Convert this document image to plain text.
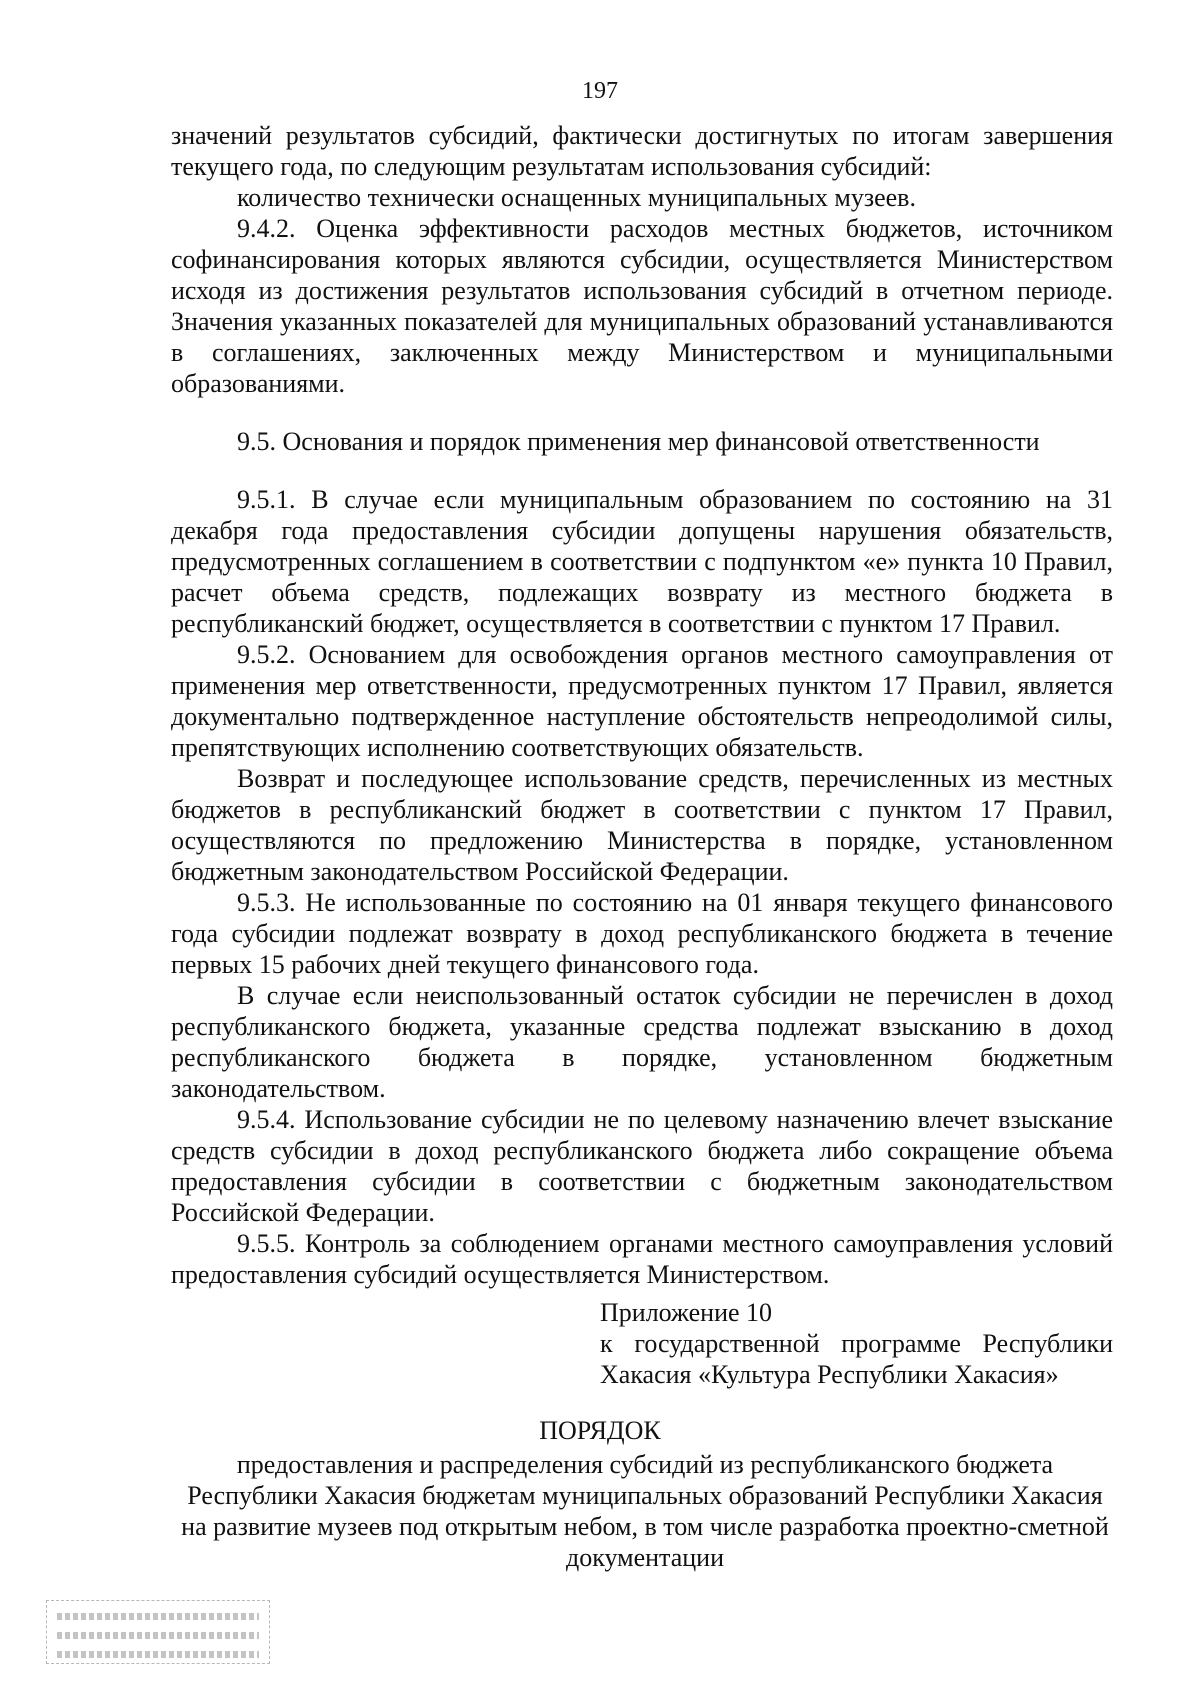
197

значений результатов субсидий, фактически достигнутых по итогам завершения текущего года, по следующим результатам использования субсидий:

количество технически оснащенных муниципальных музеев.

9.4.2. Оценка эффективности расходов местных бюджетов, источником софинансирования которых являются субсидии, осуществляется Министерством исходя из достижения результатов использования субсидий в отчетном периоде. Значения указанных показателей для муниципальных образований устанавливаются в соглашениях, заключенных между Министерством и муниципальными образованиями.

9.5. Основания и порядок применения мер финансовой ответственности

9.5.1. В случае если муниципальным образованием по состоянию на 31 декабря года предоставления субсидии допущены нарушения обязательств, предусмотренных соглашением в соответствии с подпунктом «е» пункта 10 Правил, расчет объема средств, подлежащих возврату из местного бюджета в республиканский бюджет, осуществляется в соответствии с пунктом 17 Правил.

9.5.2. Основанием для освобождения органов местного самоуправления от применения мер ответственности, предусмотренных пунктом 17 Правил, является документально подтвержденное наступление обстоятельств непреодолимой силы, препятствующих исполнению соответствующих обязательств.

Возврат и последующее использование средств, перечисленных из местных бюджетов в республиканский бюджет в соответствии с пунктом 17 Правил, осуществляются по предложению Министерства в порядке, установленном бюджетным законодательством Российской Федерации.

9.5.3. Не использованные по состоянию на 01 января текущего финансового года субсидии подлежат возврату в доход республиканского бюджета в течение первых 15 рабочих дней текущего финансового года.

В случае если неиспользованный остаток субсидии не перечислен в доход республиканского бюджета, указанные средства подлежат взысканию в доход республиканского бюджета в порядке, установленном бюджетным законодательством.

9.5.4. Использование субсидии не по целевому назначению влечет взыскание средств субсидии в доход республиканского бюджета либо сокращение объема предоставления субсидии в соответствии с бюджетным законодательством Российской Федерации.

9.5.5. Контроль за соблюдением органами местного самоуправления условий предоставления субсидий осуществляется Министерством.

Приложение 10

к государственной программе Республики

Хакасия «Культура Республики Хакасия»

ПОРЯДОК
предоставления и распределения субсидий из республиканского бюджета
Республики Хакасия бюджетам муниципальных образований Республики Хакасия
на развитие музеев под открытым небом, в том числе разработка проектно-сметной
документации
